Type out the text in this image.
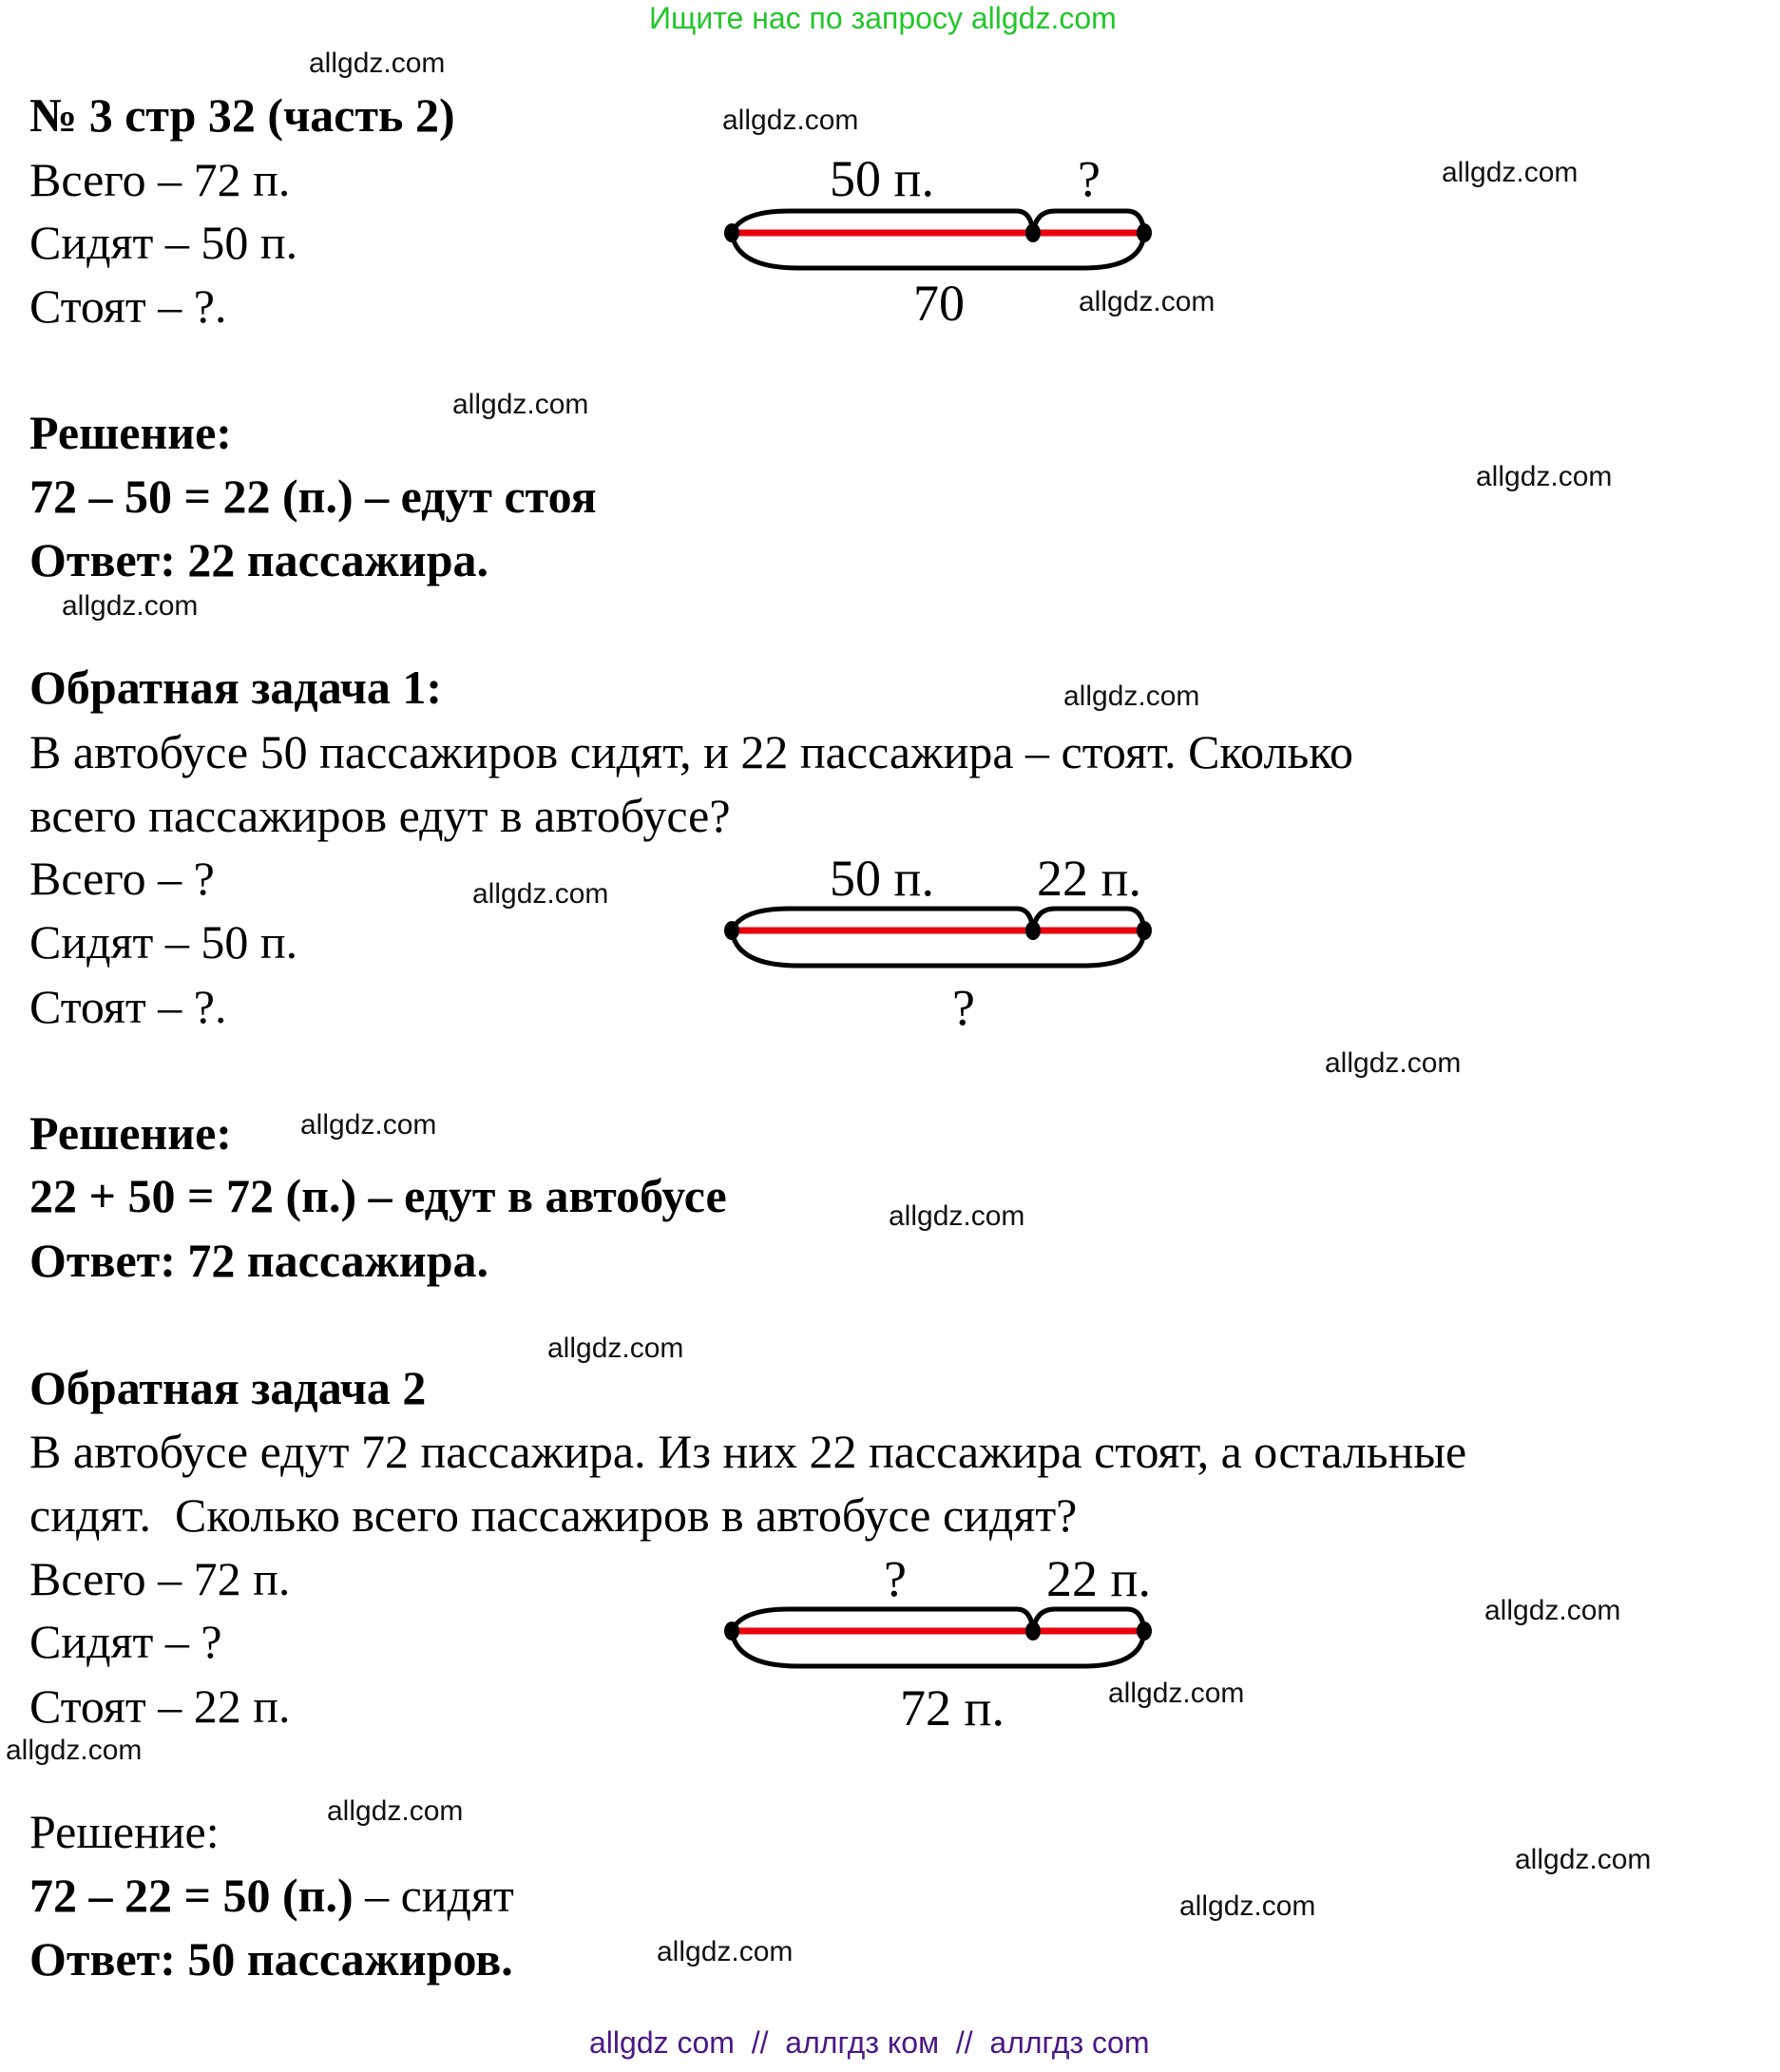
Ищите нас по запросу allgdz.com
allgdz.com
allgdz.com
allgdz.com
allgdz.com
allgdz.com
allgdz.com
allgdz.com
allgdz.com
allgdz.com
allgdz.com
allgdz.com
allgdz.com
allgdz.com
allgdz.com
allgdz.com
allgdz.com
allgdz.com
allgdz.com
allgdz.com
allgdz.com
№ 3 стр 32 (часть 2)
Всего – 72 п.
Сидят – 50 п.
Стоят – ?.
50 п.	?
70
Решение:
72 – 50 = 22 (п.) – едут стоя
Ответ: 22 пассажира.
Обратная задача 1:
В автобусе 50 пассажиров сидят, и 22 пассажира – стоят. Сколько
всего пассажиров едут в автобусе?
Всего – ?
Сидят – 50 п.
Стоят – ?.
50 п. 22 п.
?
Решение:
22 + 50 = 72 (п.) – едут в автобусе
Ответ: 72 пассажира.
Обратная задача 2
В автобусе едут 72 пассажира. Из них 22 пассажира стоят, а остальные
сидят.  Сколько всего пассажиров в автобусе сидят?
Всего – 72 п.
Сидят – ?
Стоят – 22 п.
?	22 п.
72 п.
Решение:
72 – 22 = 50 (п.) – сидят
Ответ: 50 пассажиров.
allgdz com  //  аллгдз ком  //  аллгдз com
